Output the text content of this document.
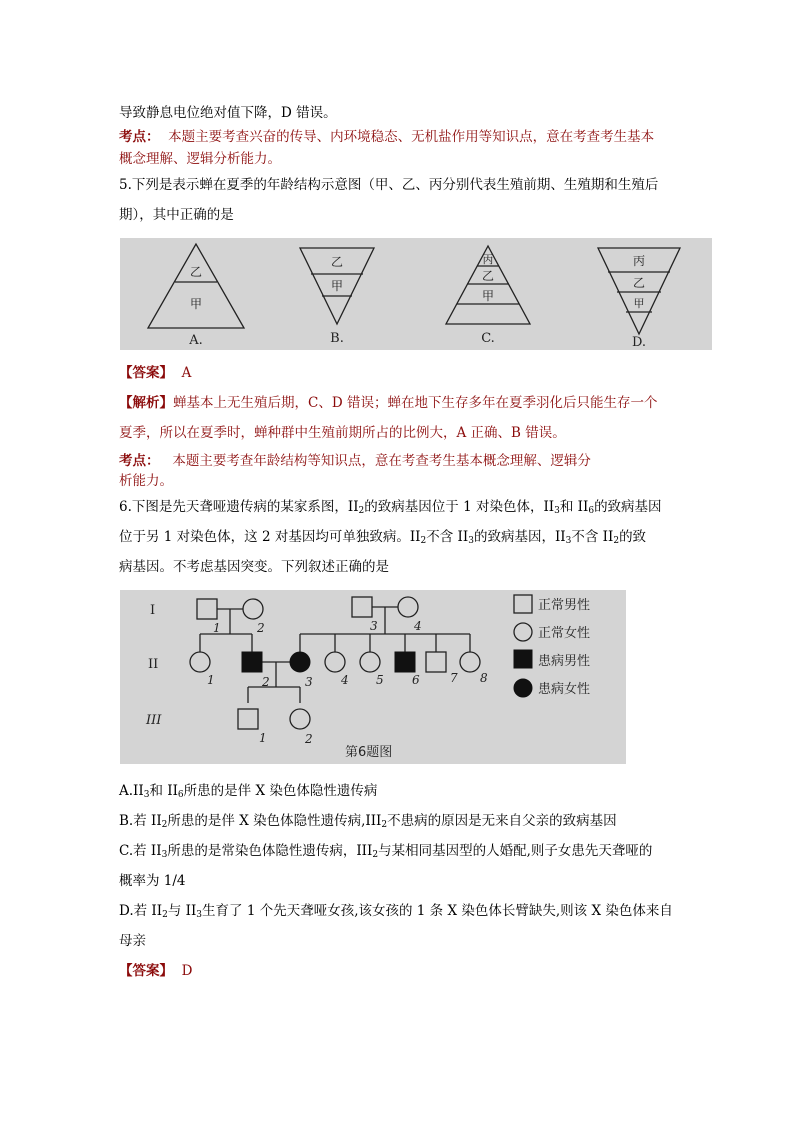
导致静息电位绝对值下降，D 错误。
考点： 本题主要考查兴奋的传导、内环境稳态、无机盐作用等知识点，意在考查考生基本
概念理解、逻辑分析能力。
5.下列是表示蝉在夏季的年龄结构示意图（甲、乙、丙分别代表生殖前期、生殖期和生殖后
期），其中正确的是
乙
甲
乙
甲
丙
乙
甲
丙
乙
甲
A.	B.	C.	D.
【答案】 A
【解析】蝉基本上无生殖后期，C、D 错误；蝉在地下生存多年在夏季羽化后只能生存一个
夏季，所以在夏季时，蝉种群中生殖前期所占的比例大，A 正确、B 错误。
考点： 本题主要考查年龄结构等知识点，意在考查考生基本概念理解、逻辑分
析能力。
6.下图是先天聋哑遗传病的某家系图，$II_2$的致病基因位于 1 对染色体，$II_3$和 $II_6$的致病基因
位于另 1 对染色体，这 2 对基因均可单独致病。$II_2$不含 $II_3$的致病基因，$II_3$不含 $II_2$的致
病基因。不考虑基因突变。下列叙述正确的是
I
II
III
1	2	3	4
1	2	3 4 5 6	7 8
1	2
正常男性
正常女性
患病男性
患病女性
第6题图
$A.II_3$和 $II_6$所患的是伴 X 染色体隐性遗传病
B.若 $II_2$所患的是伴 X 染色体隐性遗传病$,III_2$不患病的原因是无来自父亲的致病基因
C.若 $II_3$所患的是常染色体隐性遗传病，$III_2$与某相同基因型的人婚配,则子女患先天聋哑的
概率为 1/4
D.若 $II_2$与 $II_3$生育了 1 个先天聋哑女孩,该女孩的 1 条 X 染色体长臂缺失,则该 X 染色体来自
母亲
【答案】 D
